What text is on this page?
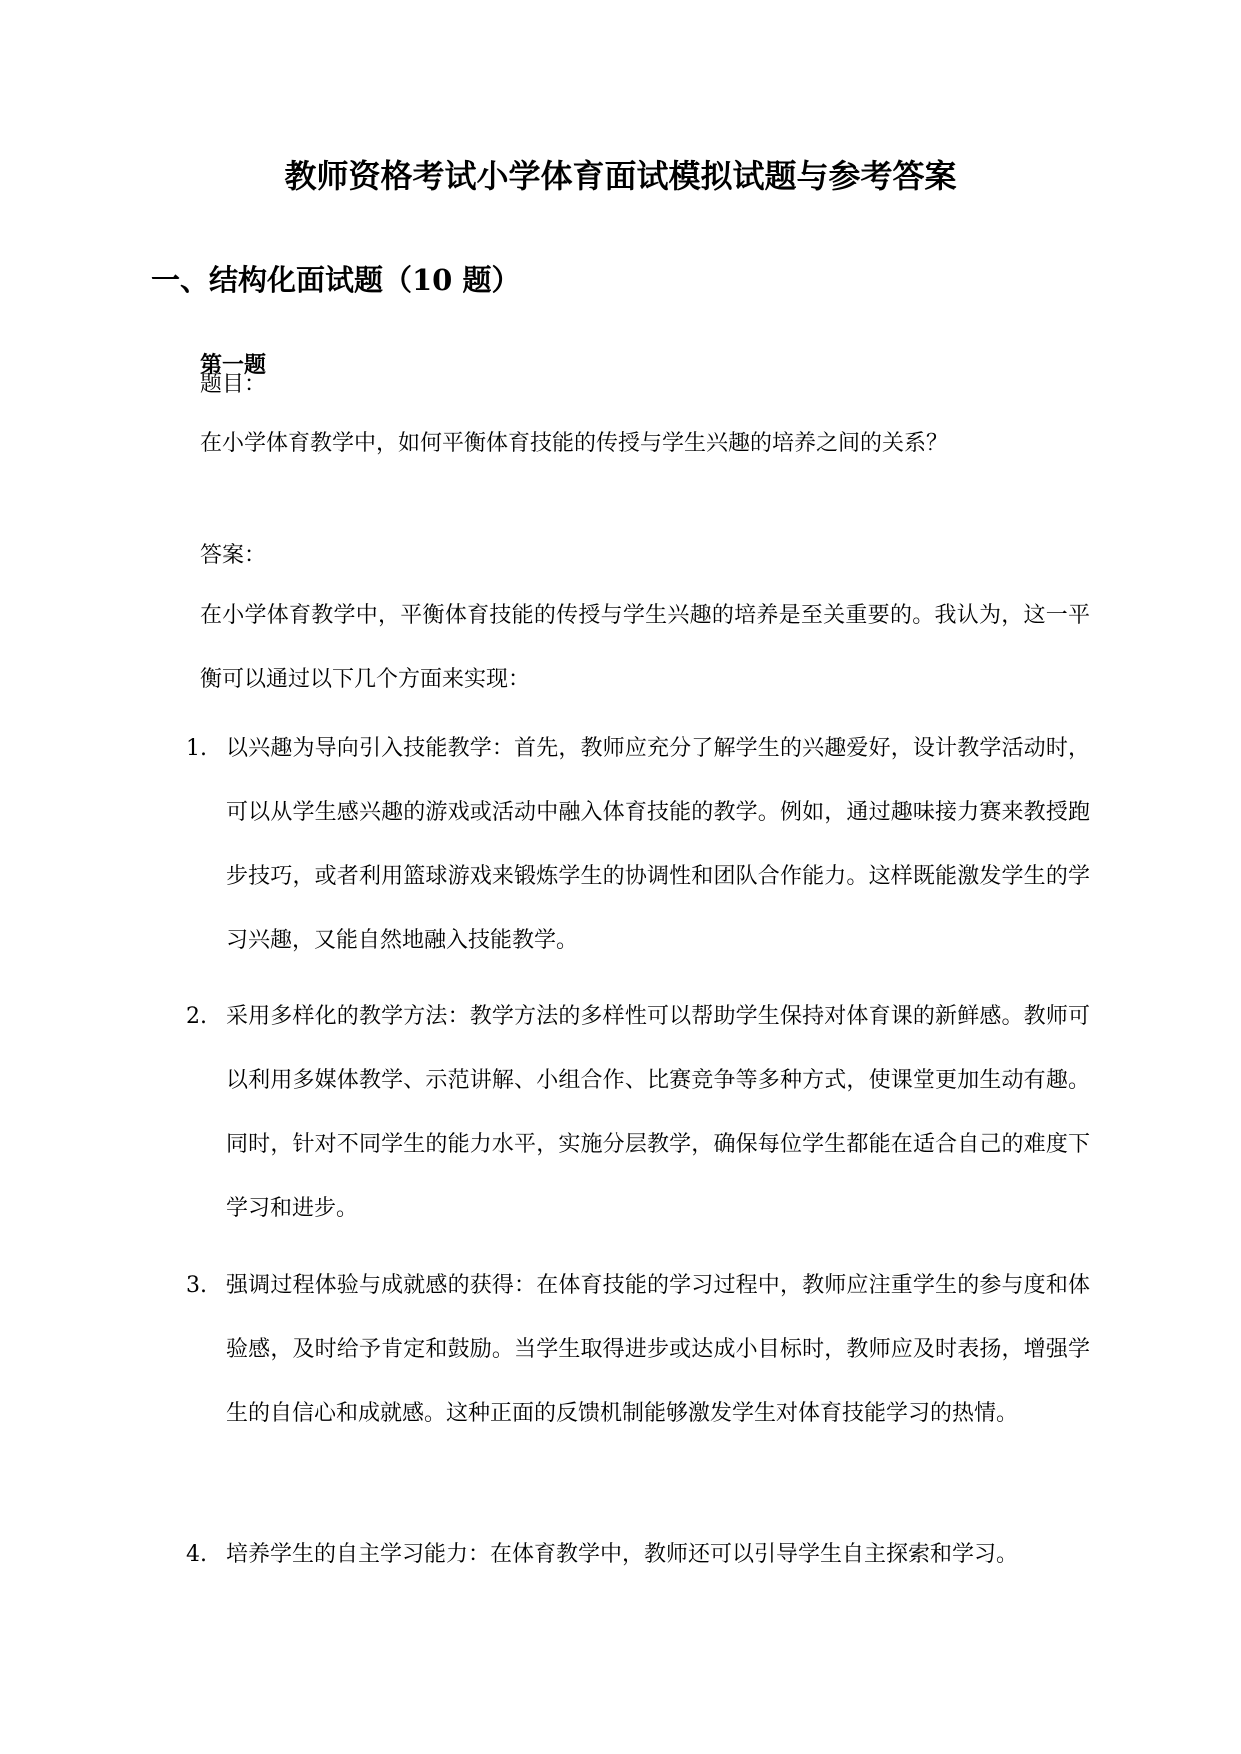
教师资格考试小学体育面试模拟试题与参考答案
一、结构化面试题（10 题）
第一题
题目：
在小学体育教学中，如何平衡体育技能的传授与学生兴趣的培养之间的关系？
答案：
在小学体育教学中，平衡体育技能的传授与学生兴趣的培养是至关重要的。我认为，这一平衡可以通过以下几个方面来实现：
1. 以兴趣为导向引入技能教学：首先，教师应充分了解学生的兴趣爱好，设计教学活动时，可以从学生感兴趣的游戏或活动中融入体育技能的教学。例如，通过趣味接力赛来教授跑步技巧，或者利用篮球游戏来锻炼学生的协调性和团队合作能力。这样既能激发学生的学习兴趣，又能自然地融入技能教学。
2. 采用多样化的教学方法：教学方法的多样性可以帮助学生保持对体育课的新鲜感。教师可以利用多媒体教学、示范讲解、小组合作、比赛竞争等多种方式，使课堂更加生动有趣。同时，针对不同学生的能力水平，实施分层教学，确保每位学生都能在适合自己的难度下学习和进步。
3. 强调过程体验与成就感的获得：在体育技能的学习过程中，教师应注重学生的参与度和体验感，及时给予肯定和鼓励。当学生取得进步或达成小目标时，教师应及时表扬，增强学生的自信心和成就感。这种正面的反馈机制能够激发学生对体育技能学习的热情。
4. 培养学生的自主学习能力：在体育教学中，教师还可以引导学生自主探索和学习。
